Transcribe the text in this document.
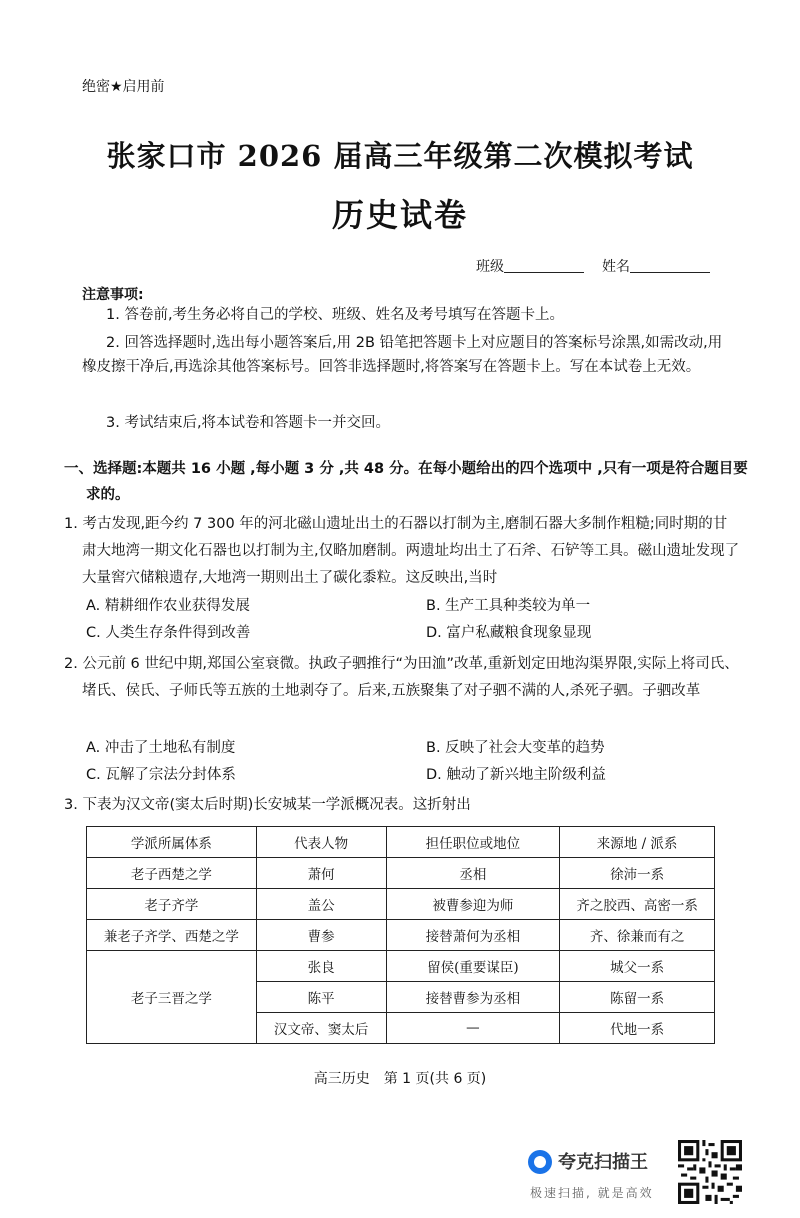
绝密★启用前
张家口市 2026 届高三年级第二次模拟考试
历史试卷
班级	姓名
注意事项:
1. 答卷前,考生务必将自己的学校、班级、姓名及考号填写在答题卡上。
2. 回答选择题时,选出每小题答案后,用 2B 铅笔把答题卡上对应题目的答案标号涂黑,如需改动,用橡皮擦干净后,再选涂其他答案标号。回答非选择题时,将答案写在答题卡上。写在本试卷上无效。
3. 考试结束后,将本试卷和答题卡一并交回。
一、选择题:本题共 16 小题 ,每小题 3 分 ,共 48 分。在每小题给出的四个选项中 ,只有一项是符合题目要求的。
1. 考古发现,距今约 7 300 年的河北磁山遗址出土的石器以打制为主,磨制石器大多制作粗糙;同时期的甘肃大地湾一期文化石器也以打制为主,仅略加磨制。两遗址均出土了石斧、石铲等工具。磁山遗址发现了大量窖穴储粮遗存,大地湾一期则出土了碳化黍粒。这反映出,当时
A. 精耕细作农业获得发展	B. 生产工具种类较为单一
C. 人类生存条件得到改善	D. 富户私藏粮食现象显现
2. 公元前 6 世纪中期,郑国公室衰微。执政子驷推行“为田洫”改革,重新划定田地沟渠界限,实际上将司氏、堵氏、侯氏、子师氏等五族的土地剥夺了。后来,五族聚集了对子驷不满的人,杀死子驷。子驷改革
A. 冲击了土地私有制度	B. 反映了社会大变革的趋势
C. 瓦解了宗法分封体系	D. 触动了新兴地主阶级利益
3. 下表为汉文帝(窦太后时期)长安城某一学派概况表。这折射出
学派所属体系	代表人物	担任职位或地位	来源地 / 派系
老子西楚之学	萧何	丞相	徐沛一系
老子齐学	盖公	被曹参迎为师	齐之胶西、高密一系
兼老子齐学、西楚之学	曹参	接替萧何为丞相	齐、徐兼而有之
老子三晋之学	张良	留侯(重要谋臣)	城父一系
	陈平	接替曹参为丞相	陈留一系
	汉文帝、窦太后	—	代地一系
高三历史　第 1 页(共 6 页)
夸克扫描王
极速扫描, 就是高效
